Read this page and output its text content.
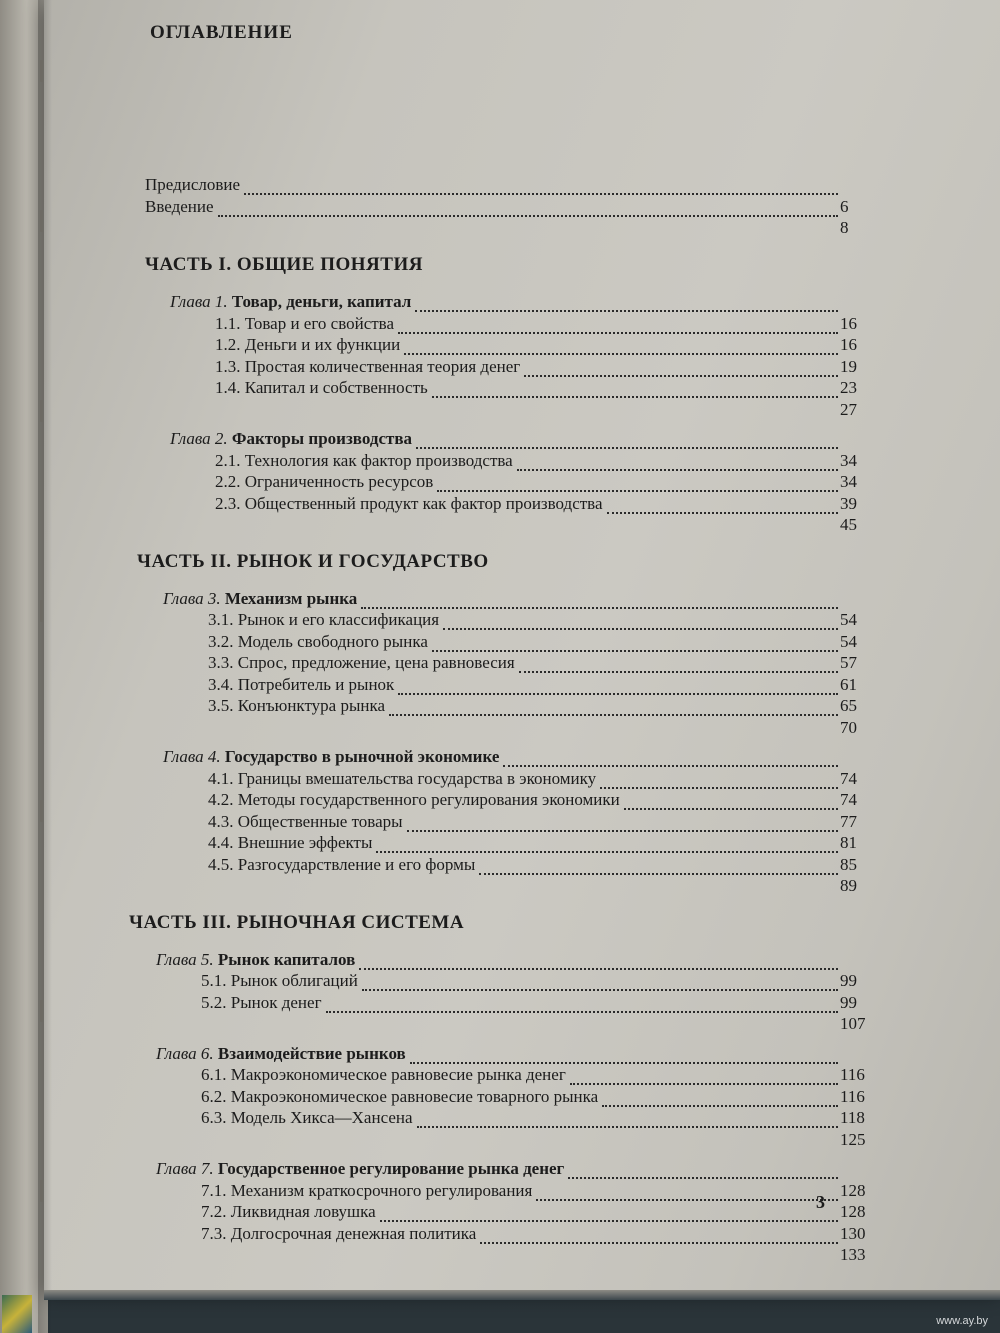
ОГЛАВЛЕНИЕ
Предисловие
6
Введение
8
ЧАСТЬ I. ОБЩИЕ ПОНЯТИЯ
Глава 1. Товар, деньги, капитал
16
1.1. Товар и его свойства
16
1.2. Деньги и их функции
19
1.3. Простая количественная теория денег
23
1.4. Капитал и собственность
27
Глава 2. Факторы производства
34
2.1. Технология как фактор производства
34
2.2. Ограниченность ресурсов
39
2.3. Общественный продукт как фактор производства
45
ЧАСТЬ II. РЫНОК И ГОСУДАРСТВО
Глава 3. Механизм рынка
54
3.1. Рынок и его классификация
54
3.2. Модель свободного рынка
57
3.3. Спрос, предложение, цена равновесия
61
3.4. Потребитель и рынок
65
3.5. Конъюнктура рынка
70
Глава 4. Государство в рыночной экономике
74
4.1. Границы вмешательства государства в экономику
74
4.2. Методы государственного регулирования экономики
77
4.3. Общественные товары
81
4.4. Внешние эффекты
85
4.5. Разгосударствление и его формы
89
ЧАСТЬ III. РЫНОЧНАЯ СИСТЕМА
Глава 5. Рынок капиталов
99
5.1. Рынок облигаций
99
5.2. Рынок денег
107
Глава 6. Взаимодействие рынков
116
6.1. Макроэкономическое равновесие рынка денег
116
6.2. Макроэкономическое равновесие товарного рынка
118
6.3. Модель Хикса—Хансена
125
Глава 7. Государственное регулирование рынка денег
128
7.1. Механизм краткосрочного регулирования
128
7.2. Ликвидная ловушка
130
7.3. Долгосрочная денежная политика
133
3
www.ay.by
